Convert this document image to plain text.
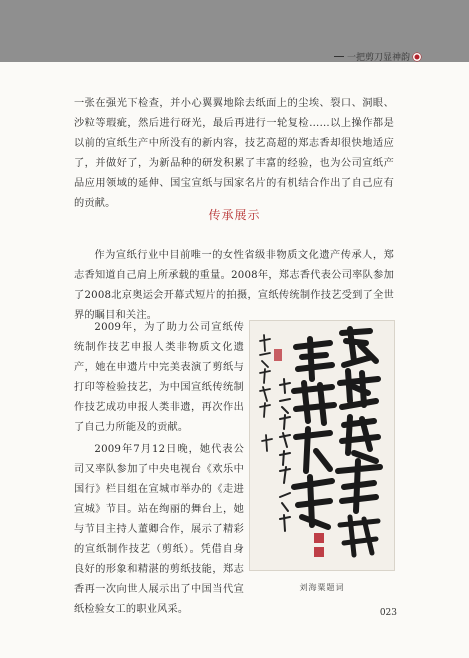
一把剪刀显神韵

一张在强光下检查，并小心翼翼地除去纸面上的尘埃、裂口、洞眼、沙粒等瑕疵，然后进行砑光，最后再进行一轮复检……以上操作都是以前的宣纸生产中所没有的新内容，技艺高超的郑志香却很快地适应了，并做好了，为新品种的研发积累了丰富的经验，也为公司宣纸产品应用领域的延伸、国宝宣纸与国家名片的有机结合作出了自己应有的贡献。

传承展示

作为宣纸行业中目前唯一的女性省级非物质文化遗产传承人，郑志香知道自己肩上所承载的重量。2008年，郑志香代表公司率队参加了2008北京奥运会开幕式短片的拍摄，宣纸传统制作技艺受到了全世界的瞩目和关注。

2009年，为了助力公司宣纸传统制作技艺申报人类非物质文化遗产，她在申遗片中完美表演了剪纸与打印等检验技艺，为中国宣纸传统制作技艺成功申报人类非遗，再次作出了自己力所能及的贡献。

2009年7月12日晚，她代表公司又率队参加了中央电视台《欢乐中国行》栏目组在宣城市举办的《走进宣城》节目。站在绚丽的舞台上，她与节目主持人董卿合作，展示了精彩的宣纸制作技艺（剪纸）。凭借自身良好的形象和精湛的剪纸技能，郑志香再一次向世人展示出了中国当代宣纸检验女工的职业风采。

刘海粟题词
023
